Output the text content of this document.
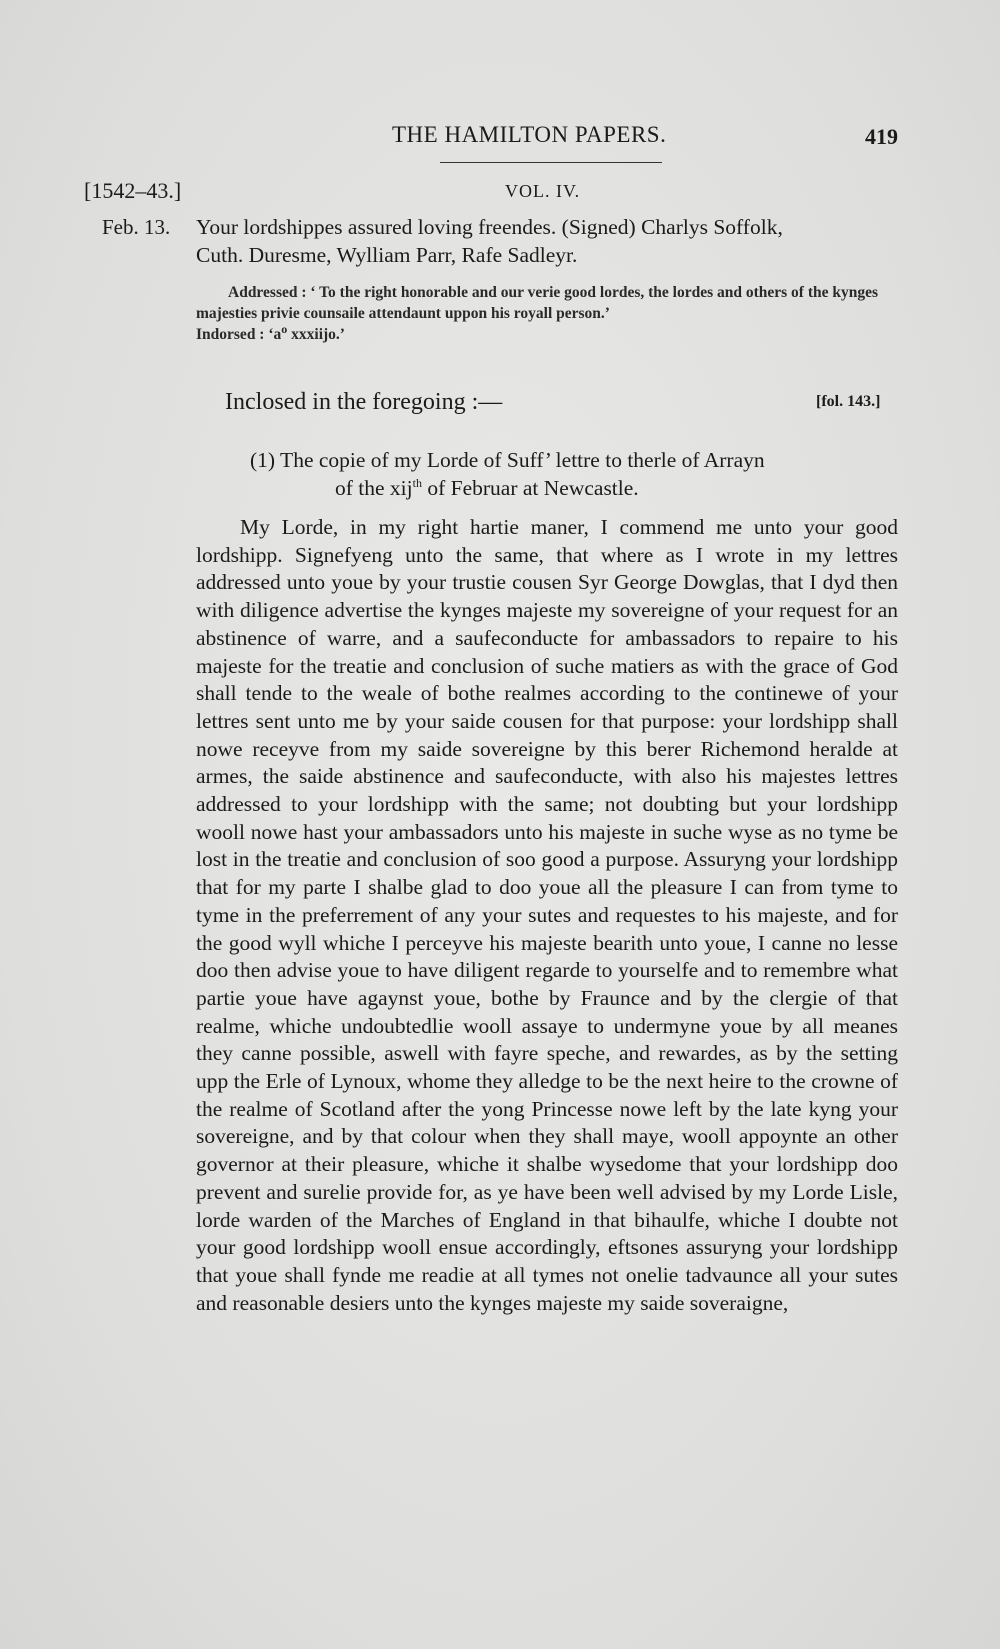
THE HAMILTON PAPERS.	419
[1542–43.]	VOL. IV.
Feb. 13. Your lordshippes assured loving freendes. (Signed) Charlys Soffolk,
Cuth. Duresme, Wylliam Parr, Rafe Sadleyr.
Addressed : ‘ To the right honorable and our verie good lordes, the lordes and others of the kynges majesties privie counsaile attendaunt uppon his royall person.’
Indorsed : ‘$a^o$ xxxiijo.’
Inclosed in the foregoing :—	[fol. 143.]
(1) The copie of my Lorde of Suff’ lettre to therle of Arrayn
of the xij$^{th}$ of Februar at Newcastle.
My Lorde, in my right hartie maner, I commend me unto your good lordshipp. Signefyeng unto the same, that where as I wrote in my lettres addressed unto youe by your trustie cousen Syr George Dowglas, that I dyd then with diligence advertise the kynges majeste my sovereigne of your request for an abstinence of warre, and a saufeconducte for ambassadors to repaire to his majeste for the treatie and conclusion of suche matiers as with the grace of God shall tende to the weale of bothe realmes according to the continewe of your lettres sent unto me by your saide cousen for that purpose: your lordshipp shall nowe receyve from my saide sovereigne by this berer Richemond heralde at armes, the saide abstinence and saufeconducte, with also his majestes lettres addressed to your lordshipp with the same; not doubting but your lordshipp wooll nowe hast your ambassadors unto his majeste in suche wyse as no tyme be lost in the treatie and conclusion of soo good a purpose. Assuryng your lordshipp that for my parte I shalbe glad to doo youe all the pleasure I can from tyme to tyme in the preferrement of any your sutes and requestes to his majeste, and for the good wyll whiche I perceyve his majeste bearith unto youe, I canne no lesse doo then advise youe to have diligent regarde to yourselfe and to remembre what partie youe have agaynst youe, bothe by Fraunce and by the clergie of that realme, whiche undoubtedlie wooll assaye to undermyne youe by all meanes they canne possible, aswell with fayre speche, and rewardes, as by the setting upp the Erle of Lynoux, whome they alledge to be the next heire to the crowne of the realme of Scotland after the yong Princesse nowe left by the late kyng your sovereigne, and by that colour when they shall maye, wooll appoynte an other governor at their pleasure, whiche it shalbe wysedome that your lordshipp doo prevent and surelie provide for, as ye have been well advised by my Lorde Lisle, lorde warden of the Marches of England in that bihaulfe, whiche I doubte not your good lordshipp wooll ensue accordingly, eftsones assuryng your lordshipp that youe shall fynde me readie at all tymes not onelie tadvaunce all your sutes and reasonable desiers unto the kynges majeste my saide soveraigne,
